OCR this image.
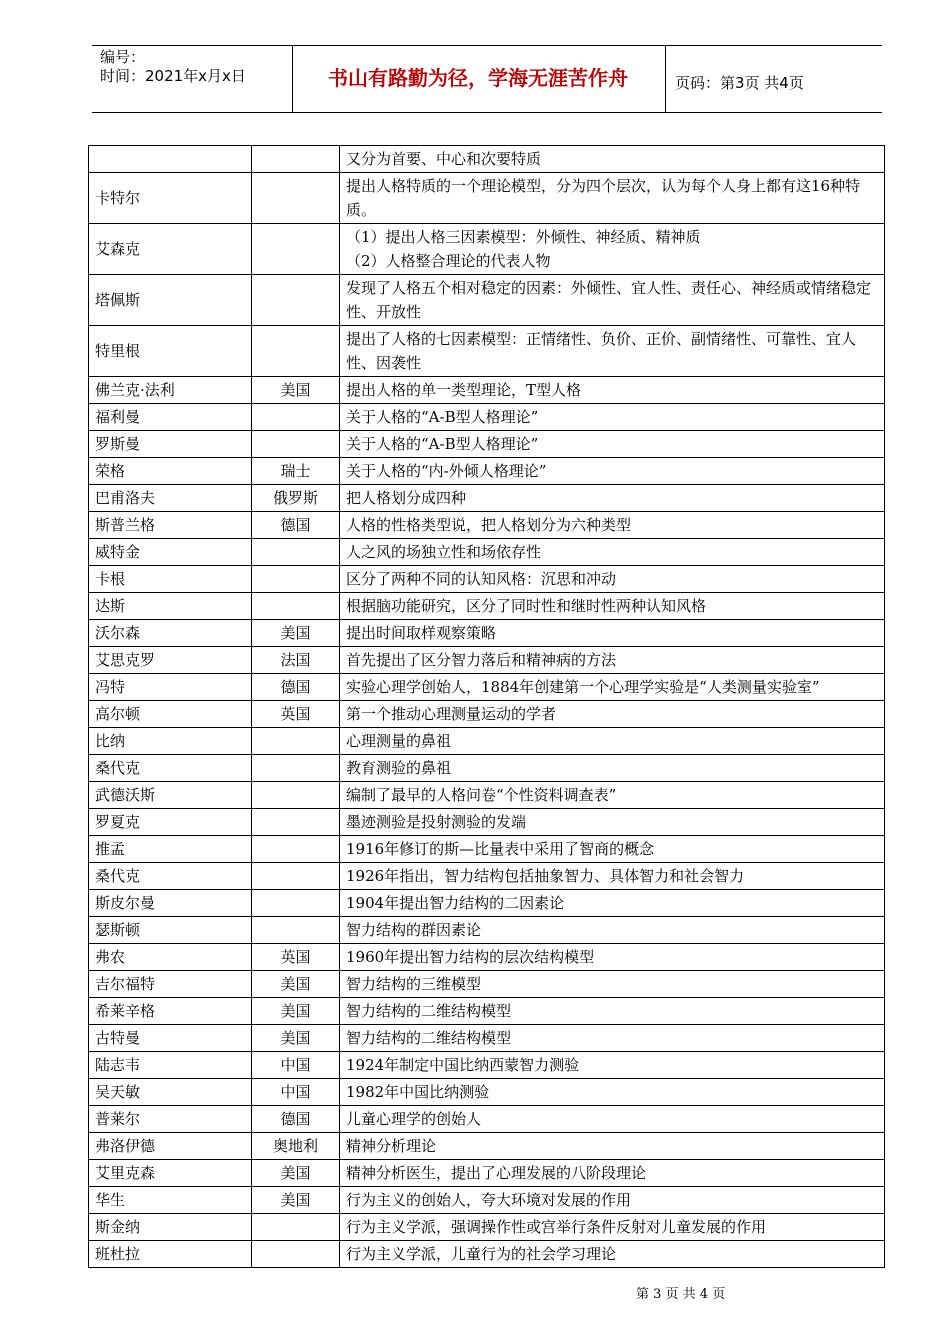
编号：
时间：2021年x月x日	书山有路勤为径，学海无涯苦作舟	页码：第3页 共4页
		又分为首要、中心和次要特质
卡特尔		提出人格特质的一个理论模型，分为四个层次，认为每个人身上都有这16种特质。
艾森克		（1）提出人格三因素模型：外倾性、神经质、精神质
（2）人格整合理论的代表人物
塔佩斯		发现了人格五个相对稳定的因素：外倾性、宜人性、责任心、神经质或情绪稳定性、开放性
特里根		提出了人格的七因素模型：正情绪性、负价、正价、副情绪性、可靠性、宜人性、因袭性
佛兰克·法利	美国	提出人格的单一类型理论，T型人格
福利曼		关于人格的“A-B型人格理论”
罗斯曼		关于人格的“A-B型人格理论”
荣格	瑞士	关于人格的“内-外倾人格理论”
巴甫洛夫	俄罗斯	把人格划分成四种
斯普兰格	德国	人格的性格类型说，把人格划分为六种类型
威特金		人之风的场独立性和场依存性
卡根		区分了两种不同的认知风格：沉思和冲动
达斯		根据脑功能研究，区分了同时性和继时性两种认知风格
沃尔森	美国	提出时间取样观察策略
艾思克罗	法国	首先提出了区分智力落后和精神病的方法
冯特	德国	实验心理学创始人，1884年创建第一个心理学实验是“人类测量实验室”
高尔顿	英国	第一个推动心理测量运动的学者
比纳		心理测量的鼻祖
桑代克		教育测验的鼻祖
武德沃斯		编制了最早的人格问卷“个性资料调查表”
罗夏克		墨迹测验是投射测验的发端
推孟		1916年修订的斯—比量表中采用了智商的概念
桑代克		1926年指出，智力结构包括抽象智力、具体智力和社会智力
斯皮尔曼		1904年提出智力结构的二因素论
瑟斯顿		智力结构的群因素论
弗农	英国	1960年提出智力结构的层次结构模型
吉尔福特	美国	智力结构的三维模型
希莱辛格	美国	智力结构的二维结构模型
古特曼	美国	智力结构的二维结构模型
陆志韦	中国	1924年制定中国比纳西蒙智力测验
吴天敏	中国	1982年中国比纳测验
普莱尔	德国	儿童心理学的创始人
弗洛伊德	奥地利	精神分析理论
艾里克森	美国	精神分析医生，提出了心理发展的八阶段理论
华生	美国	行为主义的创始人，夸大环境对发展的作用
斯金纳		行为主义学派，强调操作性或宫举行条件反射对儿童发展的作用
班杜拉		行为主义学派，儿童行为的社会学习理论
第 3 页 共 4 页
